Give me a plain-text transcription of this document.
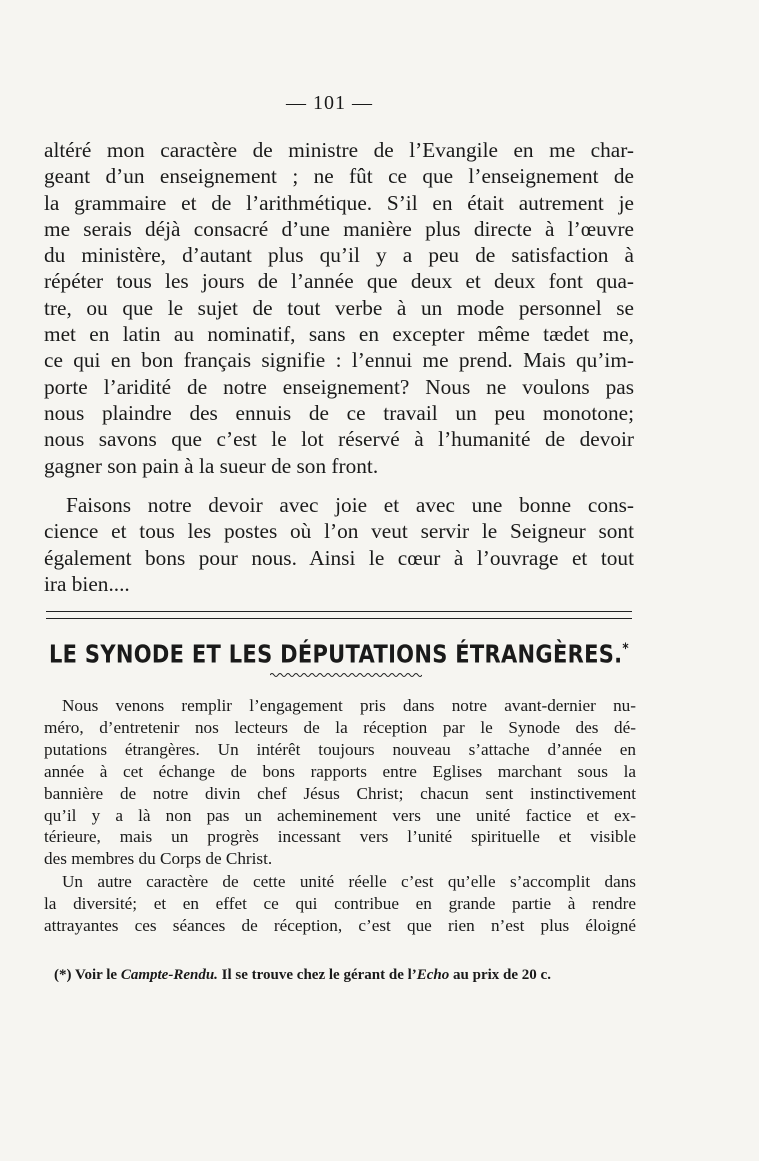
— 101 —
altéré mon caractère de ministre de l’Evangile en me char-
geant d’un enseignement ; ne fût ce que l’enseignement de
la grammaire et de l’arithmétique. S’il en était autrement je
me serais déjà consacré d’une manière plus directe à l’œuvre
du ministère, d’autant plus qu’il y a peu de satisfaction à
répéter tous les jours de l’année que deux et deux font qua-
tre, ou que le sujet de tout verbe à un mode personnel se
met en latin au nominatif, sans en excepter même tædet me,
ce qui en bon français signifie : l’ennui me prend. Mais qu’im-
porte l’aridité de notre enseignement? Nous ne voulons pas
nous plaindre des ennuis de ce travail un peu monotone;
nous savons que c’est le lot réservé à l’humanité de devoir
gagner son pain à la sueur de son front.
Faisons notre devoir avec joie et avec une bonne cons-
cience et tous les postes où l’on veut servir le Seigneur sont
également bons pour nous. Ainsi le cœur à l’ouvrage et tout
ira bien....
LE SYNODE ET LES DÉPUTATIONS ÉTRANGÈRES.*
Nous venons remplir l’engagement pris dans notre avant-dernier nu-
méro, d’entretenir nos lecteurs de la réception par le Synode des dé-
putations étrangères. Un intérêt toujours nouveau s’attache d’année en
année à cet échange de bons rapports entre Eglises marchant sous la
bannière de notre divin chef Jésus Christ; chacun sent instinctivement
qu’il y a là non pas un acheminement vers une unité factice et ex-
térieure, mais un progrès incessant vers l’unité spirituelle et visible
des membres du Corps de Christ.
Un autre caractère de cette unité réelle c’est qu’elle s’accomplit dans
la diversité; et en effet ce qui contribue en grande partie à rendre
attrayantes ces séances de réception, c’est que rien n’est plus éloigné
(*) Voir le Campte-Rendu. Il se trouve chez le gérant de l’Echo au prix de 20 c.
